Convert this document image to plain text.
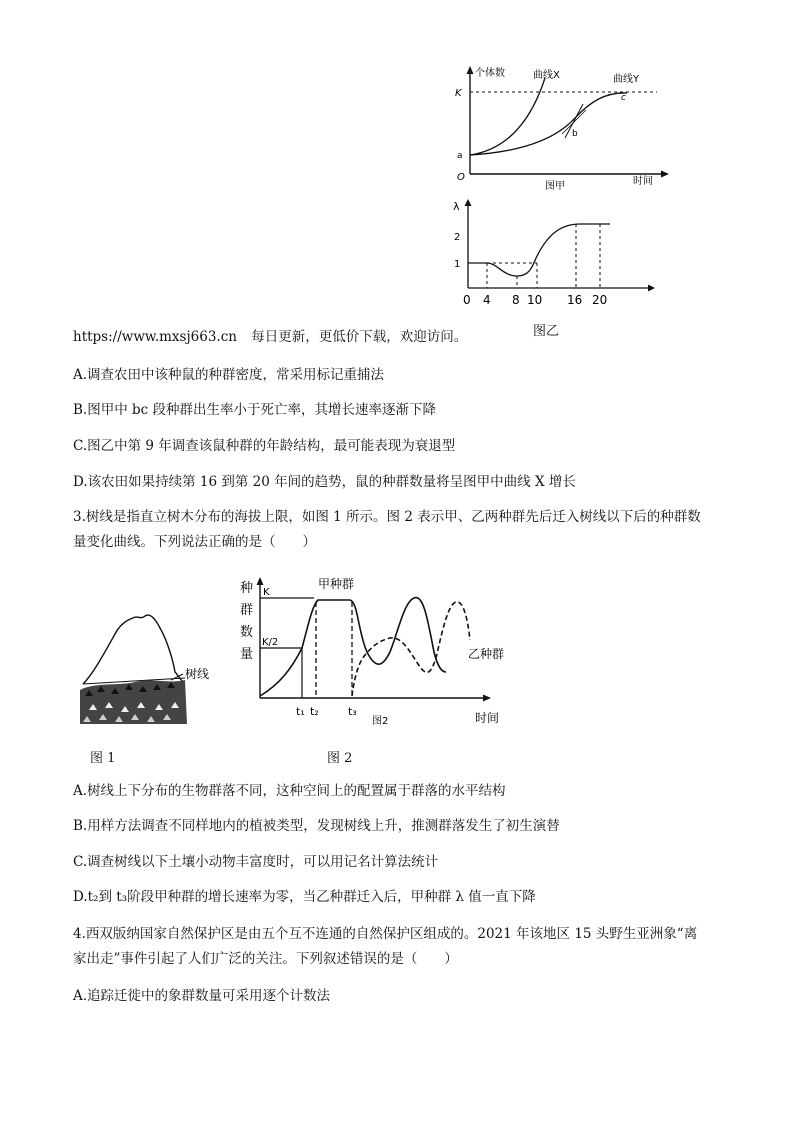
个体数	曲线X	曲线Y
K
a
b
c
O
图甲	时间
λ
2
1
0 4 8 10 16 20
图乙
https://www.mxsj663.cn 每日更新，更低价下载，欢迎访问。
A.调查农田中该种鼠的种群密度，常采用标记重捕法
B.图甲中 bc 段种群出生率小于死亡率，其增长速率逐渐下降
C.图乙中第 9 年调查该鼠种群的年龄结构，最可能表现为衰退型
D.该农田如果持续第 16 到第 20 年间的趋势，鼠的种群数量将呈图甲中曲线 X 增长
3.树线是指直立树木分布的海拔上限，如图 1 所示。图 2 表示甲、乙两种群先后迁入树线以下后的种群数
量变化曲线。下列说法正确的是（　　）
树线
图 1
种
群
数
量
K
K/2
甲种群
乙种群
t₁ t₂	t₃
图2	时间
图 2
A.树线上下分布的生物群落不同，这种空间上的配置属于群落的水平结构
B.用样方法调查不同样地内的植被类型，发现树线上升，推测群落发生了初生演替
C.调查树线以下土壤小动物丰富度时，可以用记名计算法统计
D.t₂到 t₃阶段甲种群的增长速率为零，当乙种群迁入后，甲种群 λ 值一直下降
4.西双版纳国家自然保护区是由五个互不连通的自然保护区组成的。2021 年该地区 15 头野生亚洲象“离
家出走”事件引起了人们广泛的关注。下列叙述错误的是（　　）
A.追踪迁徙中的象群数量可采用逐个计数法
